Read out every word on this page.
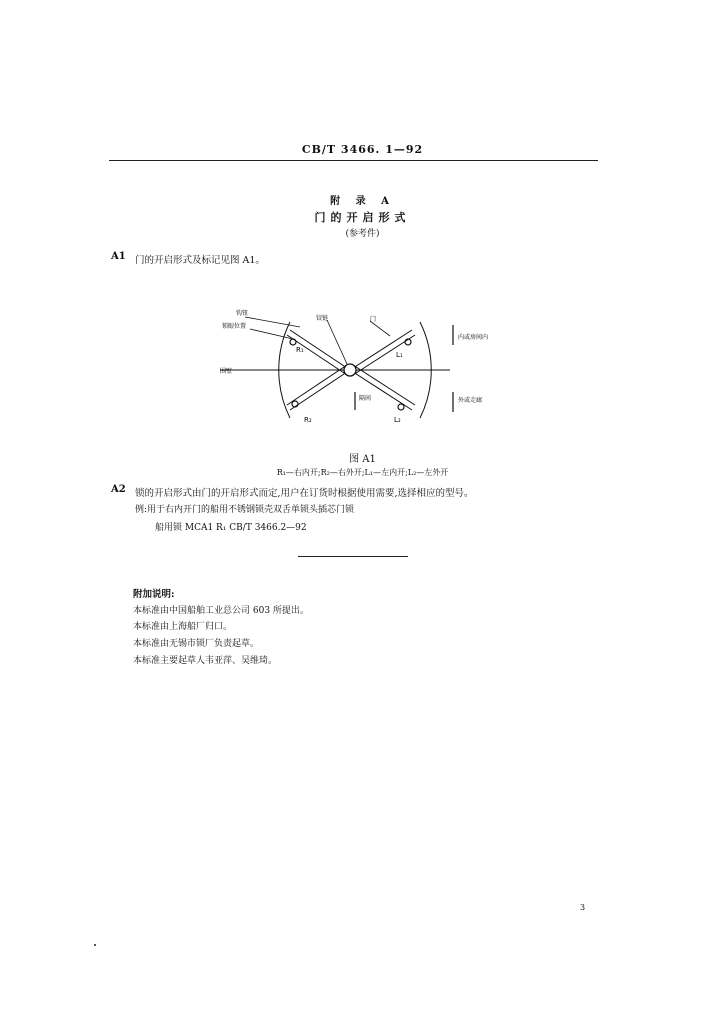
CB/T 3466. 1—92
附 录 A
门的开启形式
(参考件)
A1 门的开启形式及标记见图 A1。
钩钮
锁眼位置
铰链	门
围壁
内或房间内
外或走廊
隔间
R₁
L₁
R₂	L₂
图 A1
R₁—右内开;R₂—右外开;L₁—左内开;L₂—左外开
A2 锁的开启形式由门的开启形式而定,用户在订货时根据使用需要,选择相应的型号。
例:用于右内开门的船用不锈钢锁壳双舌单锁头插芯门锁
船用锁 MCA1 R₁ CB/T 3466.2—92
附加说明:
本标准由中国船舶工业总公司 603 所提出。
本标准由上海船厂归口。
本标准由无锡市锁厂负责起草。
本标准主要起草人韦亚萍、吴维琦。
3
